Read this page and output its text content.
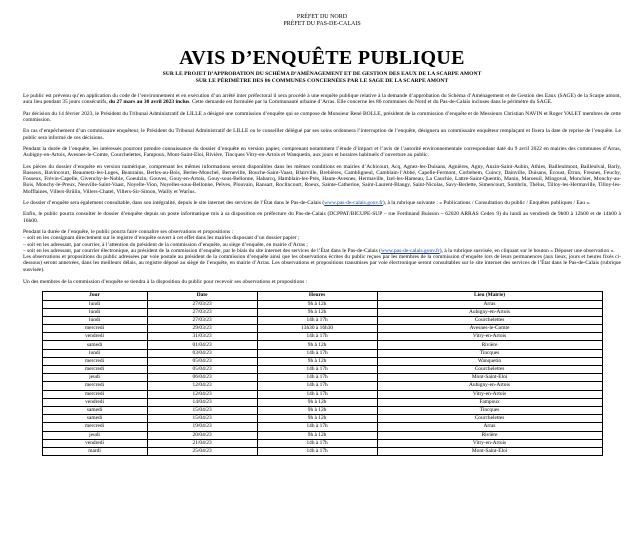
PRÉFET DU NORD
PRÉFET DU PAS-DE-CALAIS
AVIS D’ENQUÊTE PUBLIQUE
SUR LE PROJET D’APPROBATION DU SCHÉMA D’AMÉNAGEMENT ET DE GESTION DES EAUX DE LA SCARPE AMONT
SUR LE PÉRIMÈTRE DES 86 COMMUNES CONCERNÉES PAR LE SAGE DE LA SCARPE AMONT

Le public est prévenu qu’en application du code de l’environnement et en exécution d’un arrêté inter préfectoral il sera procédé à une enquête publique relative à la demande d’approbation du Schéma d’Aménagement et de Gestion des Eaux (SAGE) de la Scarpe amont, aura lieu pendant 35 jours consécutifs, du 27 mars au 30 avril 2023 inclus. Cette demande est formulée par la Communauté urbaine d’Arras. Elle concerne les 86 communes du Nord et du Pas-de-Calais incluses dans le périmètre du SAGE.

Par décision du 14 février 2023, le Président du Tribunal Administratif de LILLE a désigné une commission d’enquête qui se compose de Monsieur René BOLLE, président de la commission d’enquête et de Messieurs Christian NAVIN et Roger VALET membres de cette commission.

En cas d’empêchement d’un commissaire enquêteur, le Président du Tribunal Administratif de LILLE ou le conseiller délégué par ses soins ordonnera l’interruption de l’enquête, désignera un commissaire enquêteur remplaçant et fixera la date de reprise de l’enquête. Le public sera informé de ces décisions.

Pendant la durée de l’enquête, les intéressés pourront prendre connaissance du dossier d’enquête en version papier, comprenant notamment l’étude d’impact et l’avis de l’autorité environnementale correspondant daté du 9 avril 2022 en mairies des communes d’Arras, Aubigny-en-Artois, Avesnes-le-Comte, Courchelettes, Fampoux, Mont-Saint-Eloi, Rivière, Tincques Vitry-en-Artois et Wanquetin, aux jours et horaires habituels d’ouverture au public.

Les pièces du dossier d’enquête en version numérique, comprenant les mêmes informations seront disponibles dans les mêmes conditions en mairies d’Achicourt, Acq, Agnez-les-Duisans, Agnières, Agny, Anzin-Saint-Aubin, Athies, Bailleulmont, Bailleulval, Barly, Basseux, Bavincourt, Beaumetz-les-Loges, Beaurains, Berles-au-Bois, Berles-Monchel, Berneville, Bouche-Saint-Vaast, Blairville, Brebières, Cambligneul, Camblain-l’Abbé, Capelle-Fermont, Corbehem, Cuincy, Dainville, Duisans, Écoust, Étrun, Fresnes, Feuchy, Fosseux, Frévin-Capelle, Givenchy-le-Noble, Goeulzin, Gouves, Gouy-en-Artois, Gouy-sous-Bellonne, Habarcq, Hamblain-les-Prés, Haute-Avesnes, Hermaville, Izel-les-Hameau, La Cauchie, Lattre-Saint-Quentin, Manin, Maroeuil, Mingoval, Monchiet, Monchy-au-Bois, Monchy-le-Preux, Neuville-Saint-Vaast, Noyelle-Vion, Noyelles-sous-Bellonne, Pelves, Plouvain, Ransart, Roclincourt, Roeux, Sainte-Catherine, Saint-Laurent-Blangy, Saint-Nicolas, Savy-Berlette, Simencourt, Sombrin, Thélus, Tilloy-les-Hermaville, Tilloy-les-Mofflaines, Villers-Brûlin, Villers-Chatel, Villers-Sir-Simon, Wailly et Warlus.

Le dossier d’enquête sera également consultable, dans son intégralité, depuis le site internet des services de l’État dans le Pas-de-Calais (www.pas-de-calais.gouv.fr), à la rubrique suivante : « Publications / Consultation du public / Enquêtes publiques / Eau ».

Enfin, le public pourra consulter le dossier d’enquête depuis un poste informatique mis à sa disposition en préfecture du Pas-de-Calais (DCPPAT/BICUPE-SUP – rue Ferdinand Buisson – 62020 ARRAS Cedex 9) du lundi au vendredi de 9h00 à 12h00 et de 14h00 à 16h00.

Pendant la durée de l’enquête, le public pourra faire connaître ses observations et propositions :
– soit en les consignant directement sur le registre d’enquête ouvert à cet effet dans les mairies disposant d’un dossier papier ;
– soit en les adressant, par courrier, à l’attention du président de la commission d’enquête, au siège d’enquête, en mairie d’Arras ;
– soit en les adressant, par courrier électronique, au président de la commission d’enquête, par le biais du site internet des services de l’État dans le Pas-de-Calais (www.pas-de-calais.gouv.fr), à la rubrique susvisée, en cliquant sur le bouton « Déposer une observation ».
Les observations et propositions du public adressées par voie postale au président de la commission d’enquête ainsi que les observations écrites du public reçues par les membres de la commission d’enquête lors de leurs permanences (aux lieux, jours et heures fixés ci-dessous) seront annexées, dans les meilleurs délais, au registre déposé au siège de l’enquête, en mairie d’Arras. Les observations et propositions transmises par voie électronique seront consultables sur le site internet des services de l’État dans le Pas-de-Calais (rubrique susvisée).

Un des membres de la commission d’enquête se tiendra à la disposition du public pour recevoir ses observations et propositions :

Jour	Date	Heures	Lieu (Mairie)
lundi	27/03/23	9h à 12h	Arras
lundi	27/03/23	9h à 12h	Aubigny-en-Artois
lundi	27/03/23	14h à 17h	Courchelettes
mercredi	29/03/23	13h30 à 16h30	Avesnes-le-Comte
vendredi	31/03/23	14h à 17h	Vitry-en-Artois
samedi	01/04/23	9h à 12h	Rivière
lundi	03/04/23	14h à 17h	Tincques
mercredi	05/04/23	9h à 12h	Wanquetin
mercredi	05/04/23	14h à 17h	Courchelettes
jeudi	06/04/23	14h à 17h	Mont-Saint-Eloi
mercredi	12/04/23	14h à 17h	Aubigny-en-Artois
mercredi	12/04/23	14h à 17h	Vitry-en-Artois
vendredi	14/04/23	9h à 12h	Fampoux
samedi	15/04/23	9h à 12h	Tincques
samedi	15/04/23	9h à 12h	Courchelettes
mercredi	19/04/23	14h à 17h	Arras
jeudi	20/04/23	9h à 12h	Rivière
vendredi	21/04/23	14h à 17h	Vitry-en-Artois
mardi	25/04/23	14h à 17h	Mont-Saint-Eloi
